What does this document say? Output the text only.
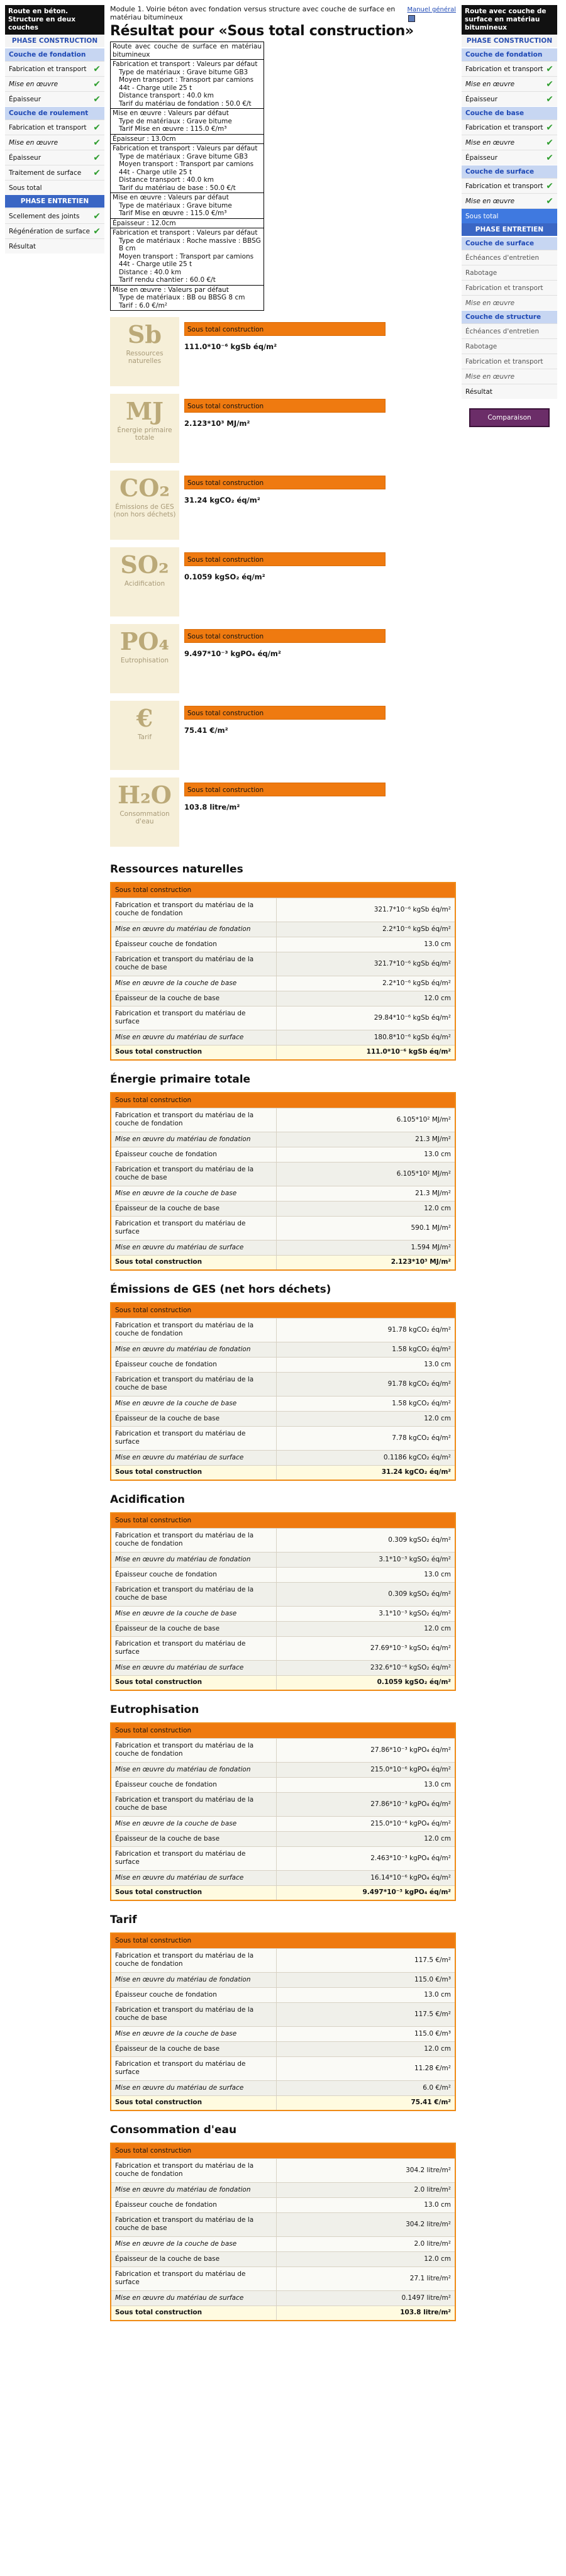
Route en béton. Structure en deux couches
PHASE CONSTRUCTION
Couche de fondation
Fabrication et transport ✔
Mise en œuvre	✔
Épaisseur	✔
Couche de roulement
Fabrication et transport ✔
Mise en œuvre	✔
Épaisseur	✔
Traitement de surface ✔
Sous total
PHASE ENTRETIEN
Scellement des joints ✔
Régénération de surface ✔
Résultat
Route avec couche de surface en matériau bitumineux
PHASE CONSTRUCTION
Couche de fondation
Fabrication et transport ✔
Mise en œuvre	✔
Épaisseur	✔
Couche de base
Fabrication et transport ✔
Mise en œuvre	✔
Épaisseur	✔
Couche de surface
Fabrication et transport ✔
Mise en œuvre	✔
Sous total
PHASE ENTRETIEN
Couche de surface
Échéances d'entretien
Rabotage
Fabrication et transport
Mise en œuvre
Couche de structure
Échéances d'entretien
Rabotage
Fabrication et transport
Mise en œuvre
Résultat
Comparaison
Module 1. Voirie béton avec fondation versus structure avec couche de surface en matériau bitumineux
Manuel général
Résultat pour «Sous total construction»
Route avec couche de surface en matériau bitumineux
Fabrication et transport : Valeurs par défaut
Type de matériaux : Grave bitume GB3
Moyen transport : Transport par camions 44t - Charge utile 25 t
Distance transport : 40.0 km
Tarif du matériau de fondation : 50.0 €/t
Mise en œuvre : Valeurs par défaut
Type de matériaux : Grave bitume
Tarif Mise en œuvre : 115.0 €/m³
Épaisseur : 13.0cm
Fabrication et transport : Valeurs par défaut
Type de matériaux : Grave bitume GB3
Moyen transport : Transport par camions 44t - Charge utile 25 t
Distance transport : 40.0 km
Tarif du matériau de base : 50.0 €/t
Mise en œuvre : Valeurs par défaut
Type de matériaux : Grave bitume
Tarif Mise en œuvre : 115.0 €/m³
Épaisseur : 12.0cm
Fabrication et transport : Valeurs par défaut
Type de matériaux : Roche massive : BBSG B cm
Moyen transport : Transport par camions 44t - Charge utile 25 t
Distance : 40.0 km
Tarif rendu chantier : 60.0 €/t
Mise en œuvre : Valeurs par défaut
Type de matériaux : BB ou BBSG 8 cm
Tarif : 6.0 €/m²
Sb
Ressources naturelles
Sous total construction
111.0*10⁻⁶ kgSb éq/m²
MJ
Énergie primaire totale
Sous total construction
2.123*10³ MJ/m²
CO₂
Émissions de GES (non hors déchets)
Sous total construction
31.24 kgCO₂ éq/m²
SO₂
Acidification
Sous total construction
0.1059 kgSO₂ éq/m²
PO₄
Eutrophisation
Sous total construction
9.497*10⁻³ kgPO₄ éq/m²
€
Tarif
Sous total construction
75.41 €/m²
H₂O
Consommation d'eau
Sous total construction
103.8 litre/m²
Ressources naturelles
Sous total construction	
Fabrication et transport du matériau de la couche de fondation	321.7*10⁻⁶ kgSb éq/m²
Mise en œuvre du matériau de fondation	2.2*10⁻⁶ kgSb éq/m²
Épaisseur couche de fondation	13.0 cm
Fabrication et transport du matériau de la couche de base	321.7*10⁻⁶ kgSb éq/m²
Mise en œuvre de la couche de base	2.2*10⁻⁶ kgSb éq/m²
Épaisseur de la couche de base	12.0 cm
Fabrication et transport du matériau de surface	29.84*10⁻⁶ kgSb éq/m²
Mise en œuvre du matériau de surface	180.8*10⁻⁶ kgSb éq/m²
Sous total construction	111.0*10⁻⁶ kgSb éq/m²
Énergie primaire totale
Sous total construction	
Fabrication et transport du matériau de la couche de fondation	6.105*10² MJ/m²
Mise en œuvre du matériau de fondation	21.3 MJ/m²
Épaisseur couche de fondation	13.0 cm
Fabrication et transport du matériau de la couche de base	6.105*10² MJ/m²
Mise en œuvre de la couche de base	21.3 MJ/m²
Épaisseur de la couche de base	12.0 cm
Fabrication et transport du matériau de surface	590.1 MJ/m²
Mise en œuvre du matériau de surface	1.594 MJ/m²
Sous total construction	2.123*10³ MJ/m²
Émissions de GES (net hors déchets)
Sous total construction	
Fabrication et transport du matériau de la couche de fondation	91.78 kgCO₂ éq/m²
Mise en œuvre du matériau de fondation	1.58 kgCO₂ éq/m²
Épaisseur couche de fondation	13.0 cm
Fabrication et transport du matériau de la couche de base	91.78 kgCO₂ éq/m²
Mise en œuvre de la couche de base	1.58 kgCO₂ éq/m²
Épaisseur de la couche de base	12.0 cm
Fabrication et transport du matériau de surface	7.78 kgCO₂ éq/m²
Mise en œuvre du matériau de surface	0.1186 kgCO₂ éq/m²
Sous total construction	31.24 kgCO₂ éq/m²
Acidification
Sous total construction	
Fabrication et transport du matériau de la couche de fondation	0.309 kgSO₂ éq/m²
Mise en œuvre du matériau de fondation	3.1*10⁻³ kgSO₂ éq/m²
Épaisseur couche de fondation	13.0 cm
Fabrication et transport du matériau de la couche de base	0.309 kgSO₂ éq/m²
Mise en œuvre de la couche de base	3.1*10⁻³ kgSO₂ éq/m²
Épaisseur de la couche de base	12.0 cm
Fabrication et transport du matériau de surface	27.69*10⁻³ kgSO₂ éq/m²
Mise en œuvre du matériau de surface	232.6*10⁻⁶ kgSO₂ éq/m²
Sous total construction	0.1059 kgSO₂ éq/m²
Eutrophisation
Sous total construction	
Fabrication et transport du matériau de la couche de fondation	27.86*10⁻³ kgPO₄ éq/m²
Mise en œuvre du matériau de fondation	215.0*10⁻⁶ kgPO₄ éq/m²
Épaisseur couche de fondation	13.0 cm
Fabrication et transport du matériau de la couche de base	27.86*10⁻³ kgPO₄ éq/m²
Mise en œuvre de la couche de base	215.0*10⁻⁶ kgPO₄ éq/m²
Épaisseur de la couche de base	12.0 cm
Fabrication et transport du matériau de surface	2.463*10⁻³ kgPO₄ éq/m²
Mise en œuvre du matériau de surface	16.14*10⁻⁶ kgPO₄ éq/m²
Sous total construction	9.497*10⁻³ kgPO₄ éq/m²
Tarif
Sous total construction	
Fabrication et transport du matériau de la couche de fondation	117.5 €/m²
Mise en œuvre du matériau de fondation	115.0 €/m³
Épaisseur couche de fondation	13.0 cm
Fabrication et transport du matériau de la couche de base	117.5 €/m²
Mise en œuvre de la couche de base	115.0 €/m³
Épaisseur de la couche de base	12.0 cm
Fabrication et transport du matériau de surface	11.28 €/m²
Mise en œuvre du matériau de surface	6.0 €/m²
Sous total construction	75.41 €/m²
Consommation d'eau
Sous total construction	
Fabrication et transport du matériau de la couche de fondation	304.2 litre/m²
Mise en œuvre du matériau de fondation	2.0 litre/m²
Épaisseur couche de fondation	13.0 cm
Fabrication et transport du matériau de la couche de base	304.2 litre/m²
Mise en œuvre de la couche de base	2.0 litre/m²
Épaisseur de la couche de base	12.0 cm
Fabrication et transport du matériau de surface	27.1 litre/m²
Mise en œuvre du matériau de surface	0.1497 litre/m²
Sous total construction	103.8 litre/m²
